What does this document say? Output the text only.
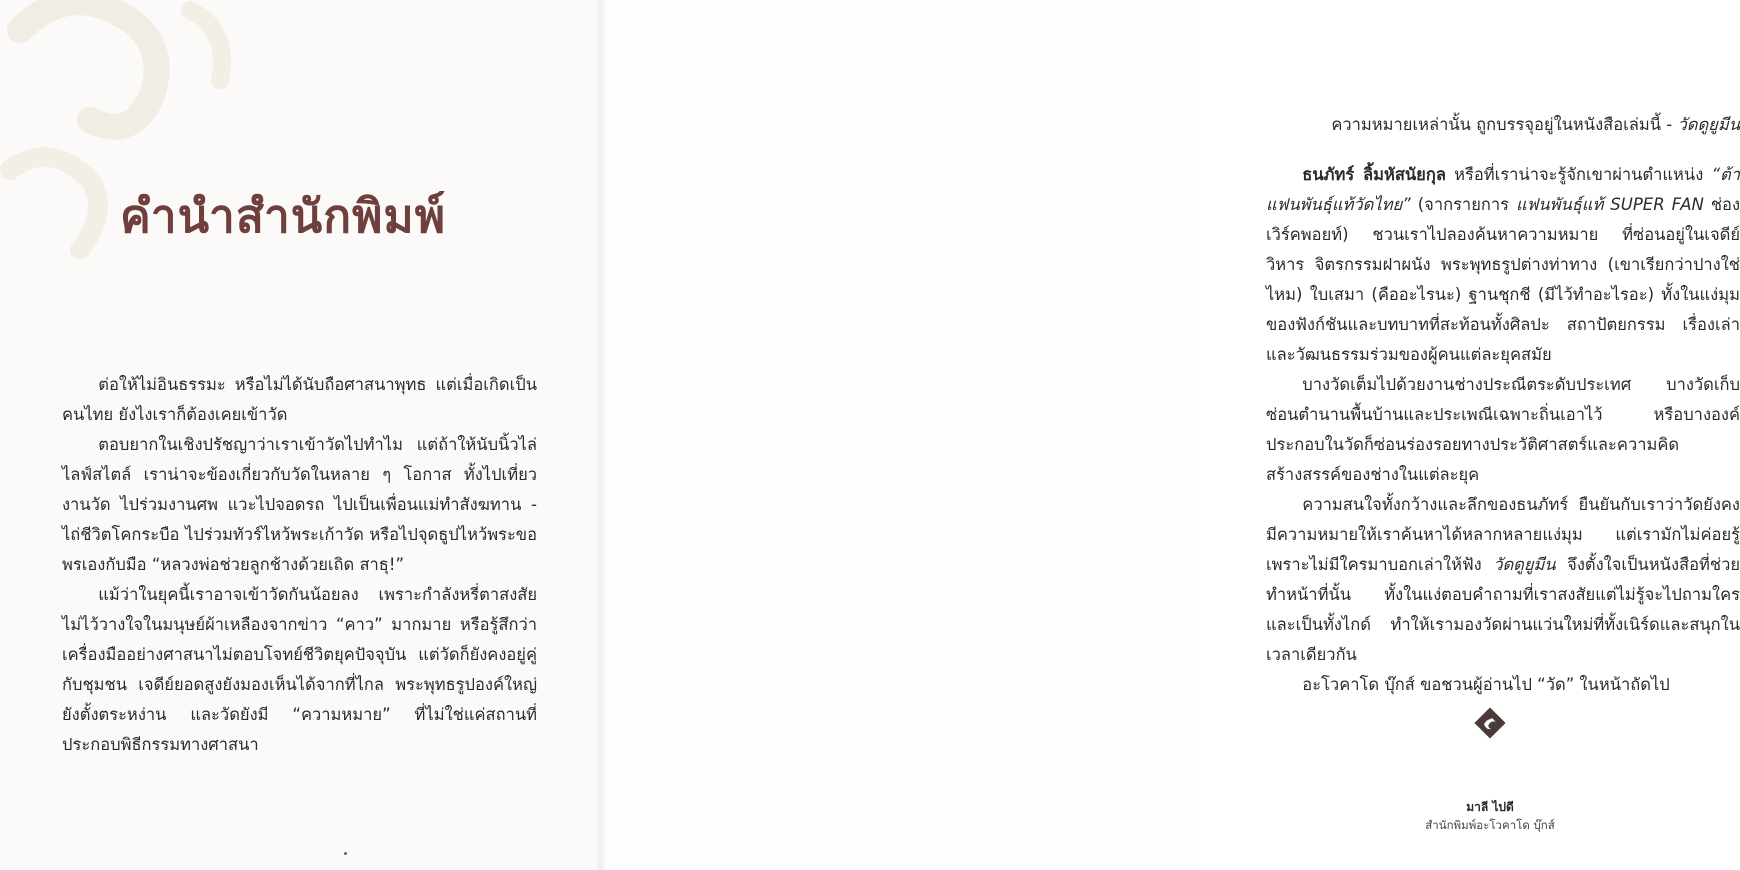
คำนำสำนักพิมพ์

ต่อให้ไม่อินธรรมะ หรือไม่ได้นับถือศาสนาพุทธ แต่เมื่อเกิดเป็นคนไทย ยังไงเราก็ต้องเคยเข้าวัด

ตอบยากในเชิงปรัชญาว่าเราเข้าวัดไปทำไม แต่ถ้าให้นับนิ้วไล่ไลฟ์สไตล์ เราน่าจะข้องเกี่ยวกับวัดในหลาย ๆ โอกาส ทั้งไปเที่ยวงานวัด ไปร่วมงานศพ แวะไปจอดรถ ไปเป็นเพื่อนแม่ทำสังฆทาน - ไถ่ชีวิตโคกระบือ ไปร่วมทัวร์ไหว้พระเก้าวัด หรือไปจุดธูปไหว้พระขอพรเองกับมือ “หลวงพ่อช่วยลูกช้างด้วยเถิด สาธุ!”

แม้ว่าในยุคนี้เราอาจเข้าวัดกันน้อยลง เพราะกำลังหรี่ตาสงสัย ไม่ไว้วางใจในมนุษย์ผ้าเหลืองจากข่าว “คาว” มากมาย หรือรู้สึกว่าเครื่องมืออย่างศาสนาไม่ตอบโจทย์ชีวิตยุคปัจจุบัน แต่วัดก็ยังคงอยู่คู่กับชุมชน เจดีย์ยอดสูงยังมองเห็นได้จากที่ไกล พระพุทธรูปองค์ใหญ่ยังตั้งตระหง่าน และวัดยังมี “ความหมาย” ที่ไม่ใช่แค่สถานที่ประกอบพิธีกรรมทางศาสนา

ความหมายเหล่านั้น ถูกบรรจุอยู่ในหนังสือเล่มนี้ - วัดดูยูมีน

ธนภัทร์ ลิ้มหัสนัยกุล หรือที่เราน่าจะรู้จักเขาผ่านตำแหน่ง “ต้า แฟนพันธุ์แท้วัดไทย” (จากรายการ แฟนพันธุ์แท้ SUPER FAN ช่องเวิร์คพอยท์) ชวนเราไปลองค้นหาความหมาย ที่ซ่อนอยู่ในเจดีย์ วิหาร จิตรกรรมฝาผนัง พระพุทธรูปต่างท่าทาง (เขาเรียกว่าปางใช่ไหม) ใบเสมา (คืออะไรนะ) ฐานชุกชี (มีไว้ทำอะไรอะ) ทั้งในแง่มุมของฟังก์ชันและบทบาทที่สะท้อนทั้งศิลปะ สถาปัตยกรรม เรื่องเล่า และวัฒนธรรมร่วมของผู้คนแต่ละยุคสมัย

บางวัดเต็มไปด้วยงานช่างประณีตระดับประเทศ บางวัดเก็บซ่อนตำนานพื้นบ้านและประเพณีเฉพาะถิ่นเอาไว้ หรือบางองค์ประกอบในวัดก็ซ่อนร่องรอยทางประวัติศาสตร์และความคิดสร้างสรรค์ของช่างในแต่ละยุค

ความสนใจทั้งกว้างและลึกของธนภัทร์ ยืนยันกับเราว่าวัดยังคงมีความหมายให้เราค้นหาได้หลากหลายแง่มุม แต่เรามักไม่ค่อยรู้ เพราะไม่มีใครมาบอกเล่าให้ฟัง วัดดูยูมีน จึงตั้งใจเป็นหนังสือที่ช่วยทำหน้าที่นั้น ทั้งในแง่ตอบคำถามที่เราสงสัยแต่ไม่รู้จะไปถามใคร และเป็นทั้งไกด์ ทำให้เรามองวัดผ่านแว่นใหม่ที่ทั้งเนิร์ดและสนุกในเวลาเดียวกัน

อะโวคาโด บุ๊กส์ ขอชวนผู้อ่านไป “วัด” ในหน้าถัดไป

มาลี ไปดี
สำนักพิมพ์อะโวคาโด บุ๊กส์
